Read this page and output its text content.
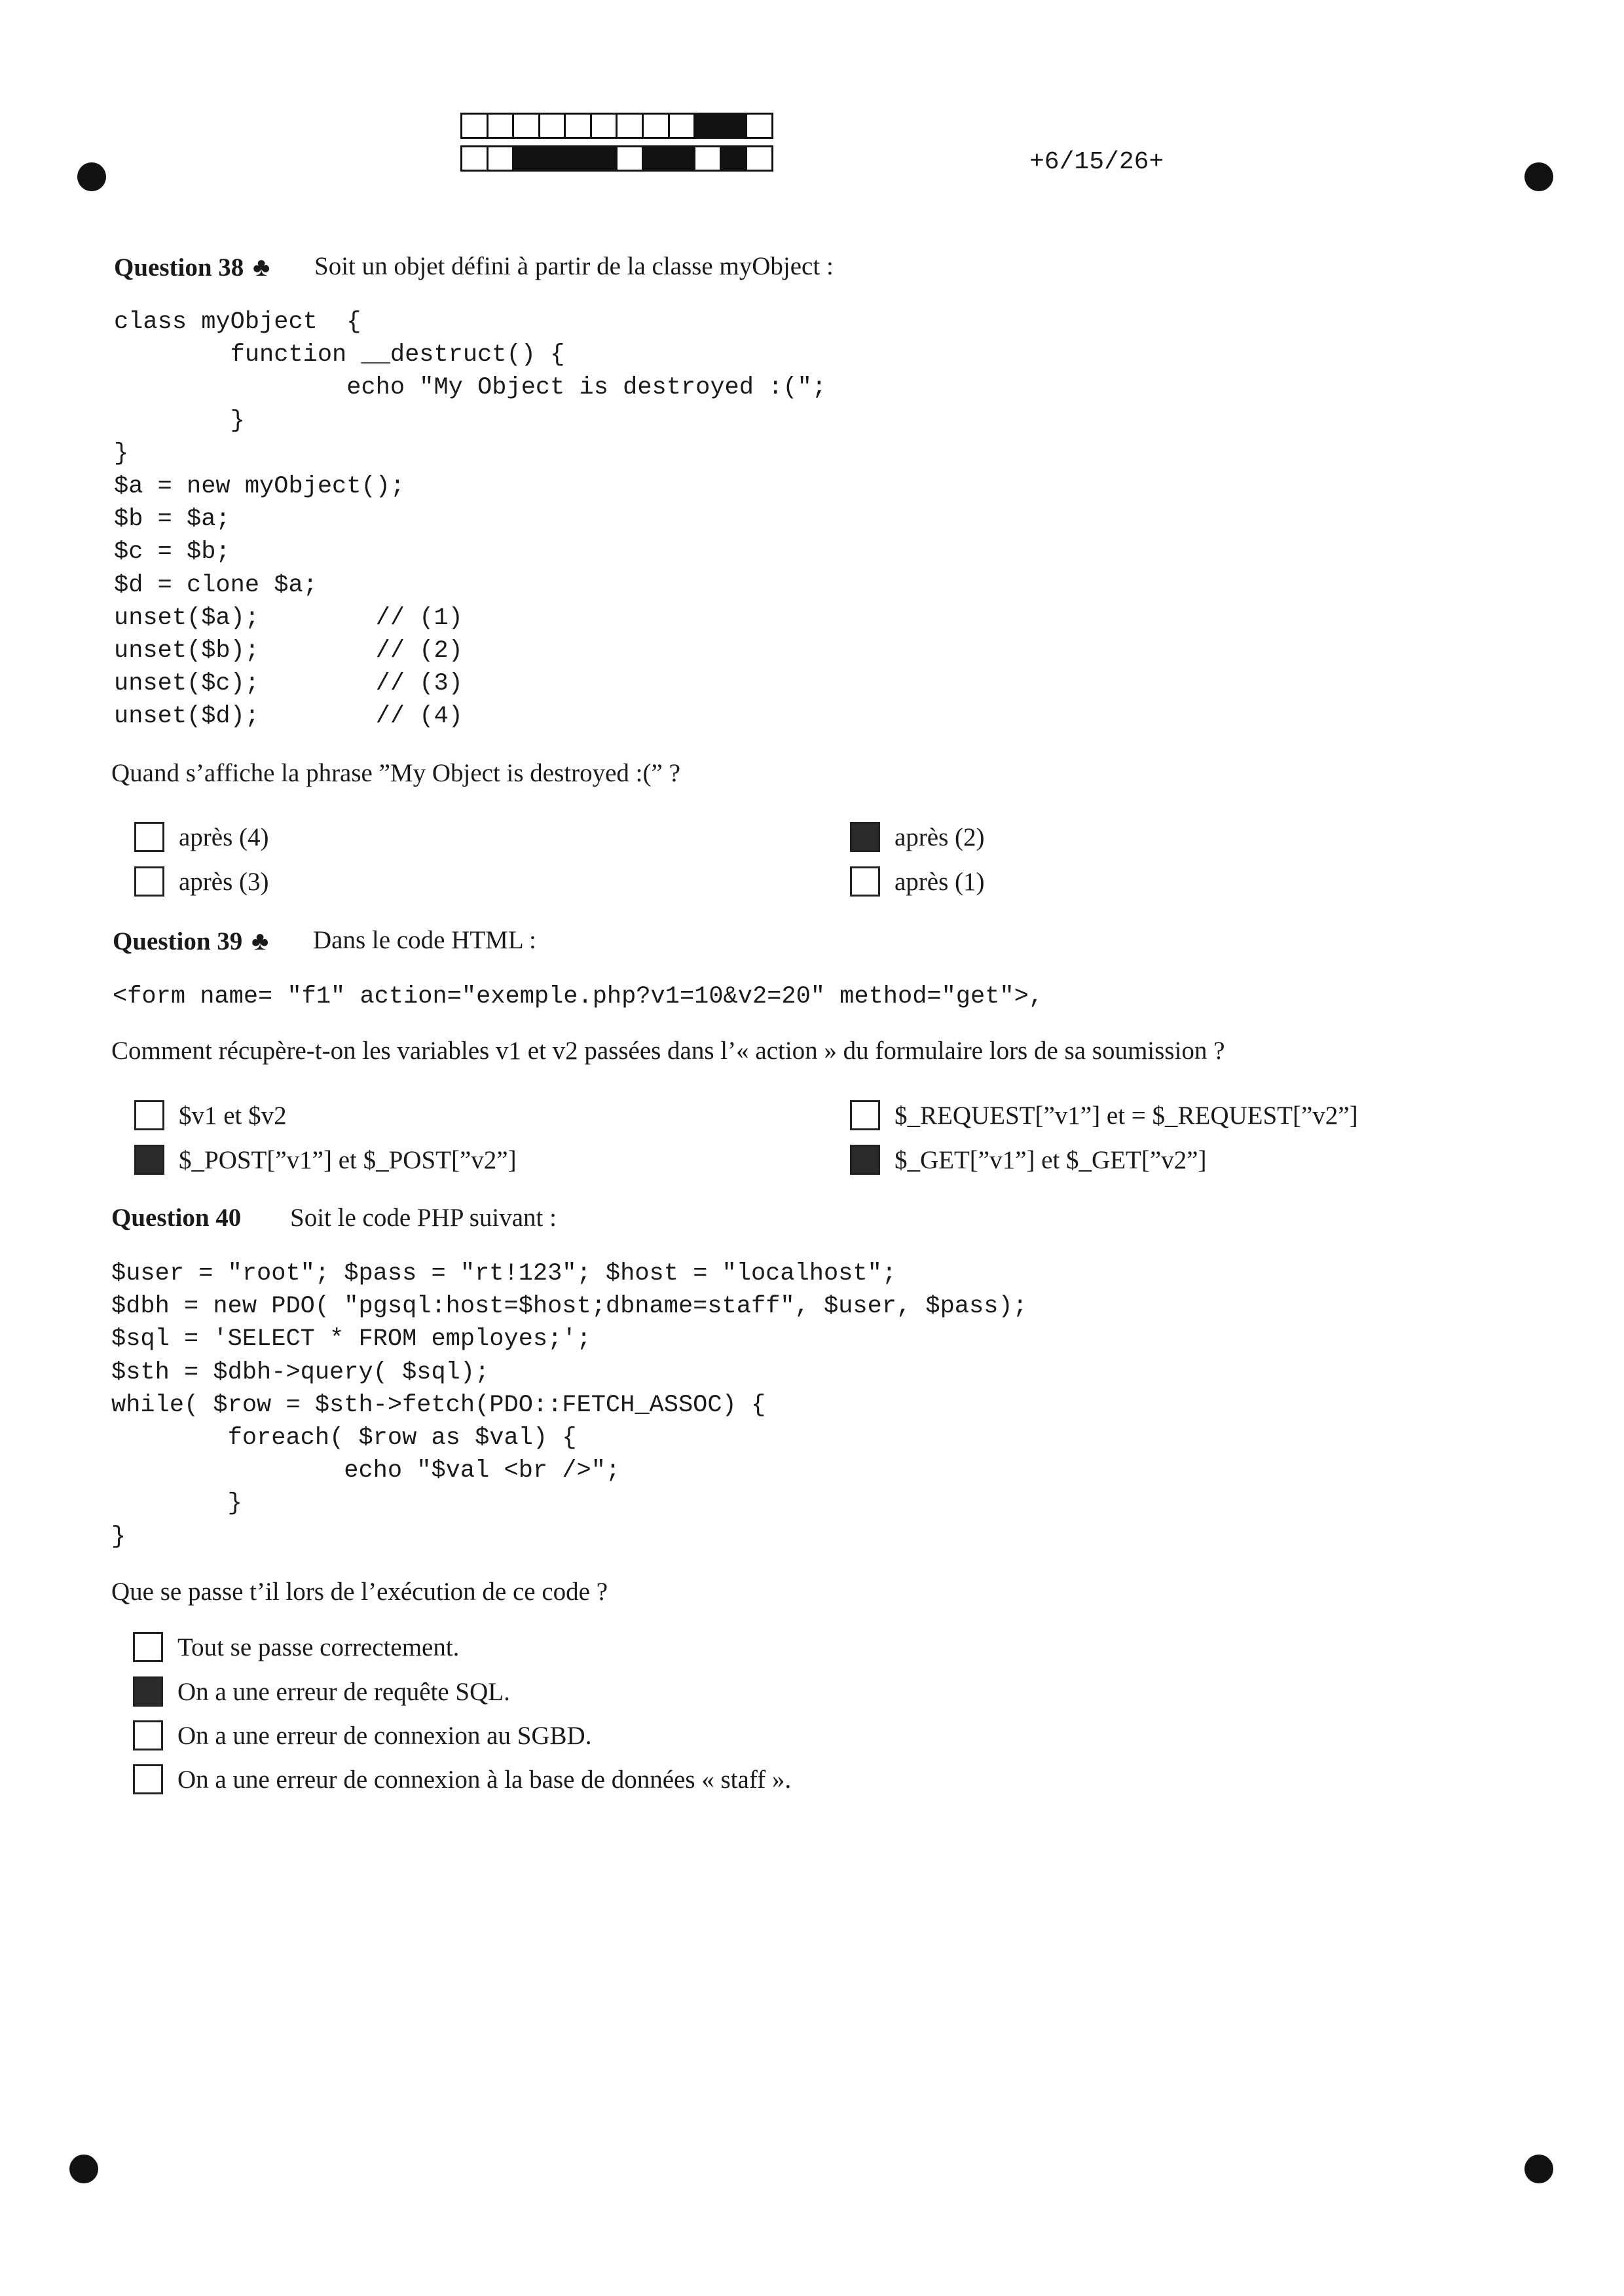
+6/15/26+
Question 38 ♣ Soit un objet défini à partir de la classe myObject :
class myObject  {
function __destruct() {
echo "My Object is destroyed :(";
}
}
$a = new myObject();
$b = $a;
$c = $b;
$d = clone $a;
unset($a);        // (1)
unset($b);        // (2)
unset($c);        // (3)
unset($d);        // (4)
Quand s’affiche la phrase ”My Object is destroyed :(” ?
après (4)	après (2)
après (3)	après (1)
Question 39 ♣ Dans le code HTML :
<form name= "f1" action="exemple.php?v1=10&v2=20" method="get">,
Comment récupère-t-on les variables v1 et v2 passées dans l’« action » du formulaire lors de sa soumission ?
$v1 et $v2	$_REQUEST[”v1”] et = $_REQUEST[”v2”]
$_POST[”v1”] et $_POST[”v2”]	$_GET[”v1”] et $_GET[”v2”]
Question 40 Soit le code PHP suivant :
$user = "root"; $pass = "rt!123"; $host = "localhost";
$dbh = new PDO( "pgsql:host=$host;dbname=staff", $user, $pass);
$sql = 'SELECT * FROM employes;';
$sth = $dbh->query( $sql);
while( $row = $sth->fetch(PDO::FETCH_ASSOC) {
foreach( $row as $val) {
echo "$val <br />";
}
}
Que se passe t’il lors de l’exécution de ce code ?
Tout se passe correctement.
On a une erreur de requête SQL.
On a une erreur de connexion au SGBD.
On a une erreur de connexion à la base de données « staff ».
